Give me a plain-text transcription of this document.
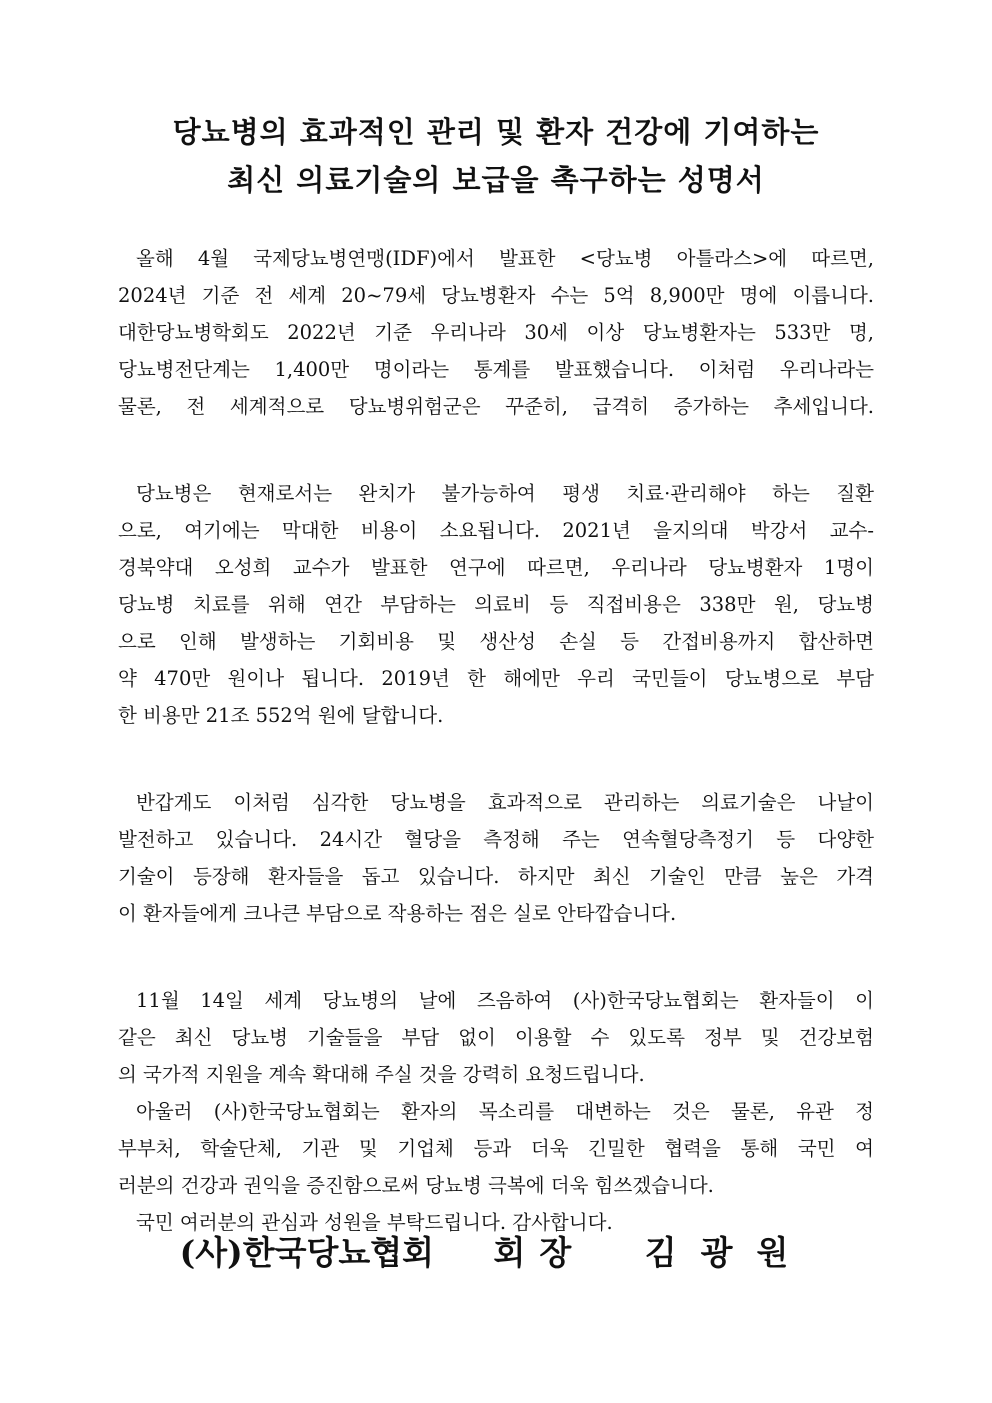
당뇨병의 효과적인 관리 및 환자 건강에 기여하는
최신 의료기술의 보급을 촉구하는 성명서
올해 4월 국제당뇨병연맹(IDF)에서 발표한 <당뇨병 아틀라스>에 따르면,
2024년 기준 전 세계 20~79세 당뇨병환자 수는 5억 8,900만 명에 이릅니다.
대한당뇨병학회도 2022년 기준 우리나라 30세 이상 당뇨병환자는 533만 명,
당뇨병전단계는 1,400만 명이라는 통계를 발표했습니다. 이처럼 우리나라는
물론, 전 세계적으로 당뇨병위험군은 꾸준히, 급격히 증가하는 추세입니다.
당뇨병은 현재로서는 완치가 불가능하여 평생 치료·관리해야 하는 질환
으로, 여기에는 막대한 비용이 소요됩니다. 2021년 을지의대 박강서 교수-
경북약대 오성희 교수가 발표한 연구에 따르면, 우리나라 당뇨병환자 1명이
당뇨병 치료를 위해 연간 부담하는 의료비 등 직접비용은 338만 원, 당뇨병
으로 인해 발생하는 기회비용 및 생산성 손실 등 간접비용까지 합산하면
약 470만 원이나 됩니다. 2019년 한 해에만 우리 국민들이 당뇨병으로 부담
한 비용만 21조 552억 원에 달합니다.
반갑게도 이처럼 심각한 당뇨병을 효과적으로 관리하는 의료기술은 나날이
발전하고 있습니다. 24시간 혈당을 측정해 주는 연속혈당측정기 등 다양한
기술이 등장해 환자들을 돕고 있습니다. 하지만 최신 기술인 만큼 높은 가격
이 환자들에게 크나큰 부담으로 작용하는 점은 실로 안타깝습니다.
11월 14일 세계 당뇨병의 날에 즈음하여 (사)한국당뇨협회는 환자들이 이
같은 최신 당뇨병 기술들을 부담 없이 이용할 수 있도록 정부 및 건강보험
의 국가적 지원을 계속 확대해 주실 것을 강력히 요청드립니다.
아울러 (사)한국당뇨협회는 환자의 목소리를 대변하는 것은 물론, 유관 정
부부처, 학술단체, 기관 및 기업체 등과 더욱 긴밀한 협력을 통해 국민 여
러분의 건강과 권익을 증진함으로써 당뇨병 극복에 더욱 힘쓰겠습니다.
국민 여러분의 관심과 성원을 부탁드립니다. 감사합니다.

(사)한국당뇨협회 회장 김광원
